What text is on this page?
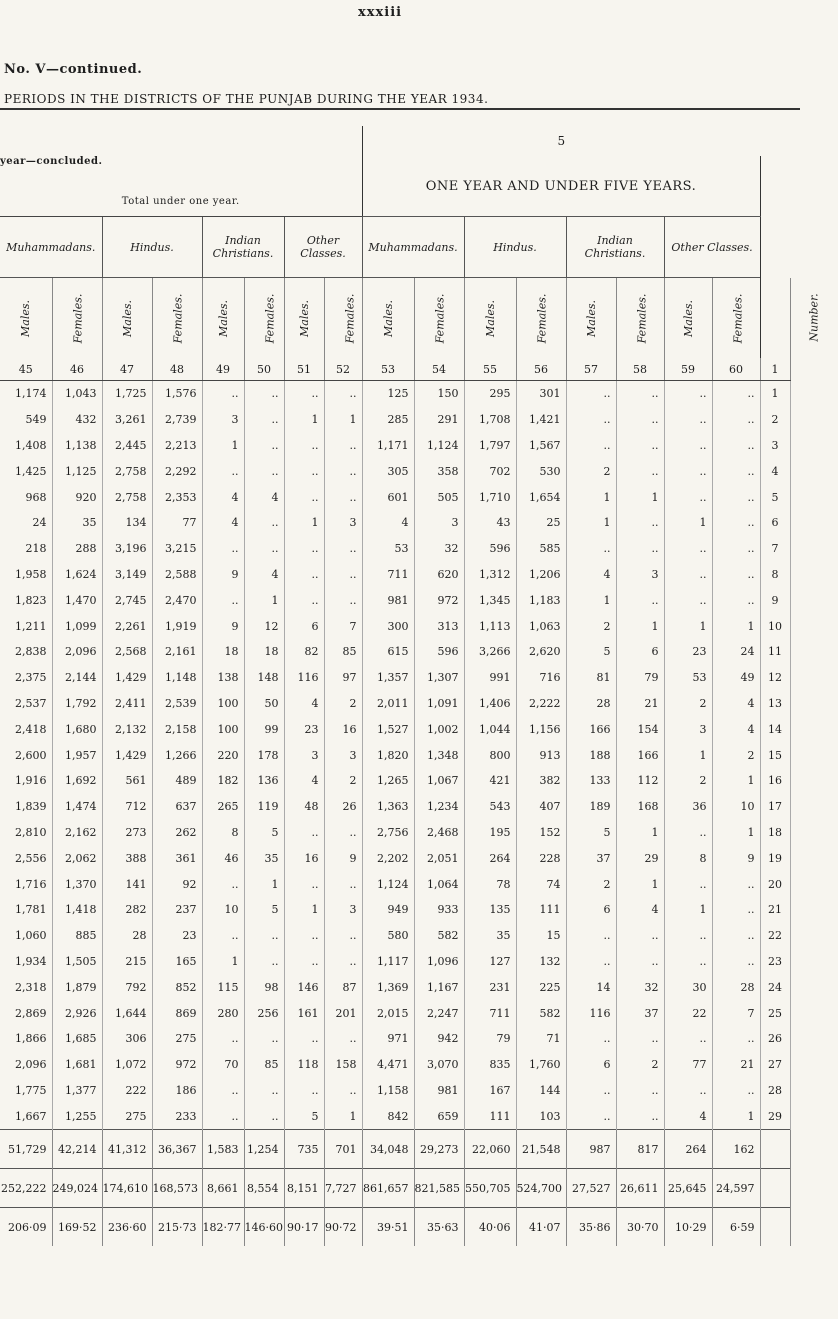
xxxiii
No. V—continued.
PERIODS IN THE DISTRICTS OF THE PUNJAB DURING THE YEAR 1934.
								5									
year—concluded.								ONE YEAR AND UNDER FIVE YEARS.									
Total under one year.																	
Muhammadans.		Hindus.		Indian Christians.		Other Classes.		Muhammadans.		Hindus.		Indian Christians.		Other Classes.			
Males.	Females.	Males.	Females.	Males.	Females.	Males.	Females.	Males.	Females.	Males.	Females.	Males.	Females.	Males.	Females.		Number.
45	46	47	48	49	50	51	52	53	54	55	56	57	58	59	60	1	
1,174	1,043	1,725	1,576	..	..	..	..	125	150	295	301	..	..	..	..	1	
549	432	3,261	2,739	3	..	1	1	285	291	1,708	1,421	..	..	..	..	2	
1,408	1,138	2,445	2,213	1	..	..	..	1,171	1,124	1,797	1,567	..	..	..	..	3	
1,425	1,125	2,758	2,292	..	..	..	..	305	358	702	530	2	..	..	..	4	
968	920	2,758	2,353	4	4	..	..	601	505	1,710	1,654	1	1	..	..	5	
24	35	134	77	4	..	1	3	4	3	43	25	1	..	1	..	6	
218	288	3,196	3,215	..	..	..	..	53	32	596	585	..	..	..	..	7	
1,958	1,624	3,149	2,588	9	4	..	..	711	620	1,312	1,206	4	3	..	..	8	
1,823	1,470	2,745	2,470	..	1	..	..	981	972	1,345	1,183	1	..	..	..	9	
1,211	1,099	2,261	1,919	9	12	6	7	300	313	1,113	1,063	2	1	1	1	10	
2,838	2,096	2,568	2,161	18	18	82	85	615	596	3,266	2,620	5	6	23	24	11	
2,375	2,144	1,429	1,148	138	148	116	97	1,357	1,307	991	716	81	79	53	49	12	
2,537	1,792	2,411	2,539	100	50	4	2	2,011	1,091	1,406	2,222	28	21	2	4	13	
2,418	1,680	2,132	2,158	100	99	23	16	1,527	1,002	1,044	1,156	166	154	3	4	14	
2,600	1,957	1,429	1,266	220	178	3	3	1,820	1,348	800	913	188	166	1	2	15	
1,916	1,692	561	489	182	136	4	2	1,265	1,067	421	382	133	112	2	1	16	
1,839	1,474	712	637	265	119	48	26	1,363	1,234	543	407	189	168	36	10	17	
2,810	2,162	273	262	8	5	..	..	2,756	2,468	195	152	5	1	..	1	18	
2,556	2,062	388	361	46	35	16	9	2,202	2,051	264	228	37	29	8	9	19	
1,716	1,370	141	92	..	1	..	..	1,124	1,064	78	74	2	1	..	..	20	
1,781	1,418	282	237	10	5	1	3	949	933	135	111	6	4	1	..	21	
1,060	885	28	23	..	..	..	..	580	582	35	15	..	..	..	..	22	
1,934	1,505	215	165	1	..	..	..	1,117	1,096	127	132	..	..	..	..	23	
2,318	1,879	792	852	115	98	146	87	1,369	1,167	231	225	14	32	30	28	24	
2,869	2,926	1,644	869	280	256	161	201	2,015	2,247	711	582	116	37	22	7	25	
1,866	1,685	306	275	..	..	..	..	971	942	79	71	..	..	..	..	26	
2,096	1,681	1,072	972	70	85	118	158	4,471	3,070	835	1,760	6	2	77	21	27	
1,775	1,377	222	186	..	..	..	..	1,158	981	167	144	..	..	..	..	28	
1,667	1,255	275	233	..	..	5	1	842	659	111	103	..	..	4	1	29	
51,729	42,214	41,312	36,367	1,583	1,254	735	701	34,048	29,273	22,060	21,548	987	817	264	162		
252,222	249,024	174,610	168,573	8,661	8,554	8,151	7,727	861,657	821,585	550,705	524,700	27,527	26,611	25,645	24,597		
206·09	169·52	236·60	215·73	182·77	146·60	90·17	90·72	39·51	35·63	40·06	41·07	35·86	30·70	10·29	6·59		
